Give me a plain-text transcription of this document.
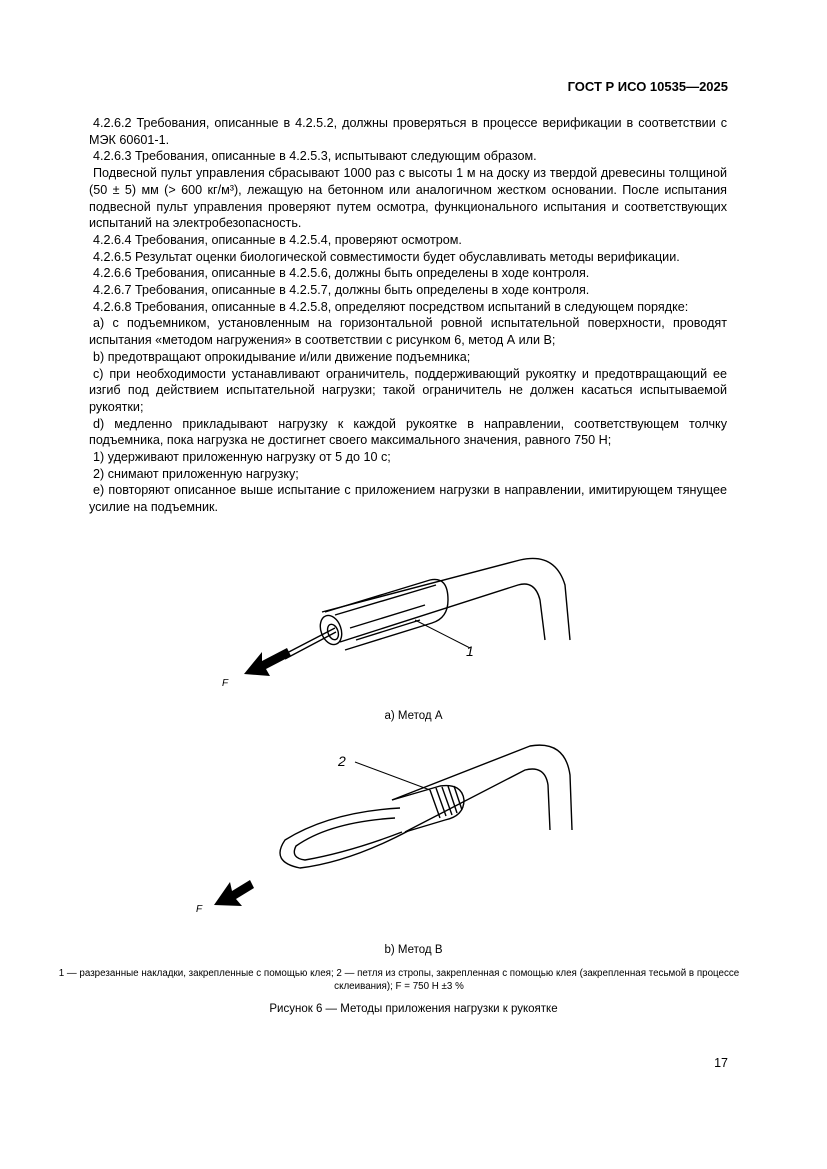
ГОСТ Р ИСО 10535—2025

4.2.6.2 Требования, описанные в 4.2.5.2, должны проверяться в процессе верификации в соответствии с МЭК 60601-1.

4.2.6.3 Требования, описанные в 4.2.5.3, испытывают следующим образом.

Подвесной пульт управления сбрасывают 1000 раз с высоты 1 м на доску из твердой древесины толщиной (50 ± 5) мм (> 600 кг/м³), лежащую на бетонном или аналогичном жестком основании. После испытания подвесной пульт управления проверяют путем осмотра, функционального испытания и соответствующих испытаний на электробезопасность.

4.2.6.4 Требования, описанные в 4.2.5.4, проверяют осмотром.

4.2.6.5 Результат оценки биологической совместимости будет обуславливать методы верификации.

4.2.6.6 Требования, описанные в 4.2.5.6, должны быть определены в ходе контроля.

4.2.6.7 Требования, описанные в 4.2.5.7, должны быть определены в ходе контроля.

4.2.6.8 Требования, описанные в 4.2.5.8, определяют посредством испытаний в следующем порядке:

a) с подъемником, установленным на горизонтальной ровной испытательной поверхности, проводят испытания «методом нагружения» в соответствии с рисунком 6, метод А или В;

b) предотвращают опрокидывание и/или движение подъемника;

c) при необходимости устанавливают ограничитель, поддерживающий рукоятку и предотвращающий ее изгиб под действием испытательной нагрузки; такой ограничитель не должен касаться испытываемой рукоятки;

d) медленно прикладывают нагрузку к каждой рукоятке в направлении, соответствующем толчку подъемника, пока нагрузка не достигнет своего максимального значения, равного 750 Н;

1) удерживают приложенную нагрузку от 5 до 10 с;

2) снимают приложенную нагрузку;

e) повторяют описанное выше испытание с приложением нагрузки в направлении, имитирующем тянущее усилие на подъемник.

1
F
а) Метод А
2
F
b) Метод В
1 — разрезанные накладки, закрепленные с помощью клея; 2 — петля из стропы, закрепленная с помощью клея (закрепленная тесьмой в процессе склеивания); F = 750 Н ±3 %
Рисунок 6 — Методы приложения нагрузки к рукоятке
17
